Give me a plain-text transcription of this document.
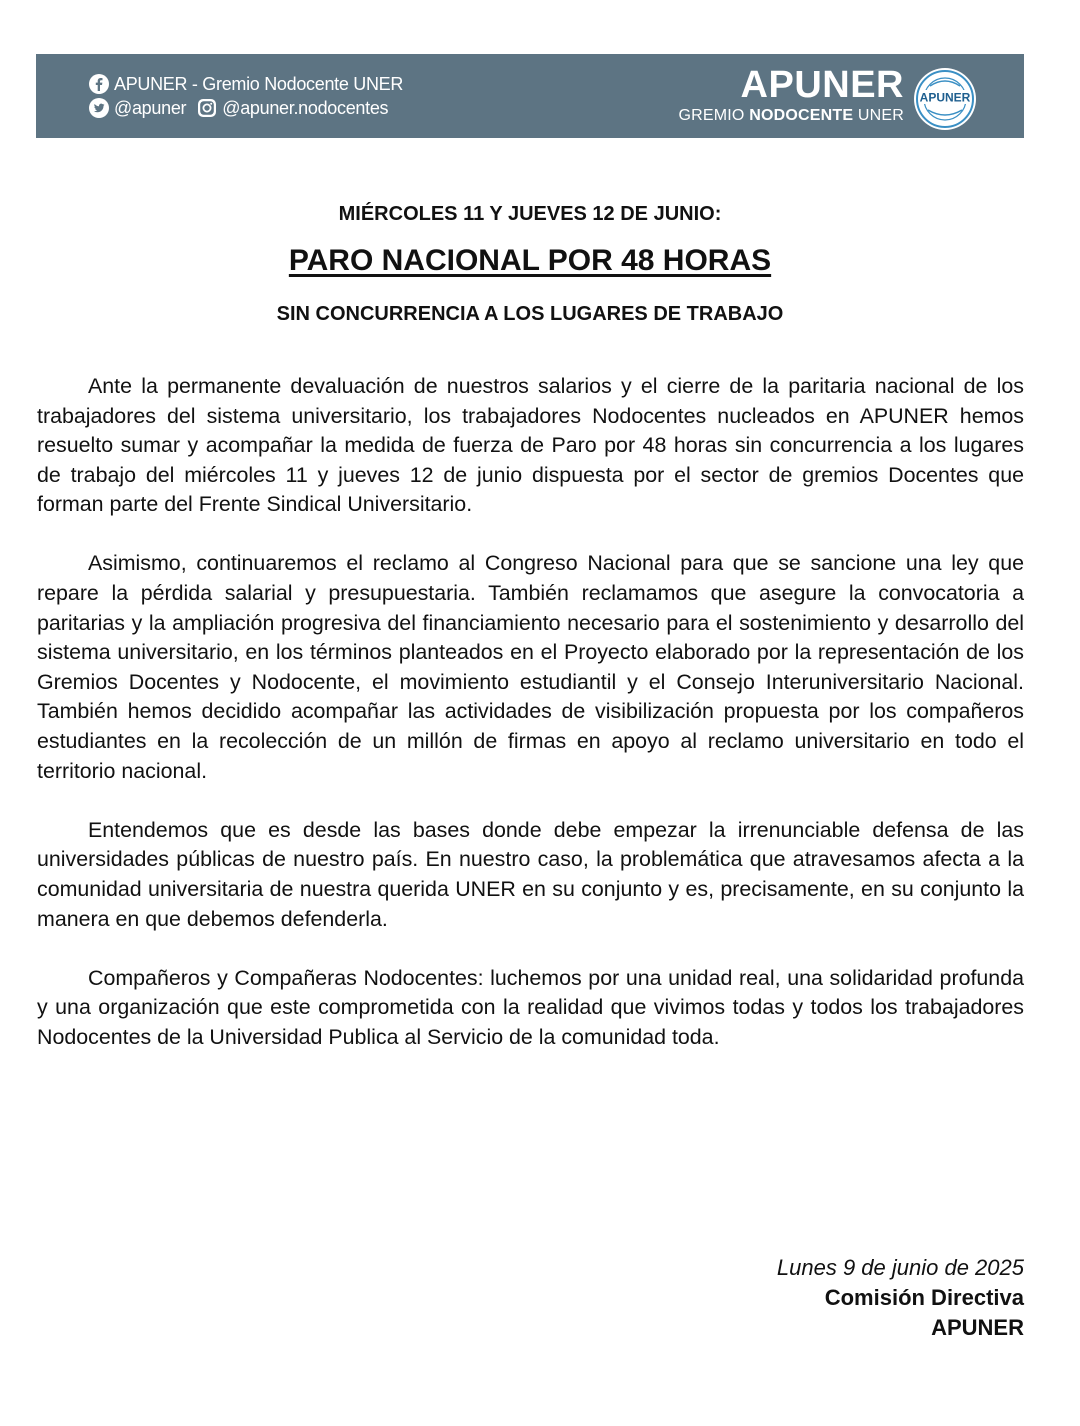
APUNER - Gremio Nodocente UNER
@apuner @apuner.nodocentes
APUNER
GREMIO NODOCENTE UNER
APUNER
MIÉRCOLES 11 Y JUEVES 12 DE JUNIO:
PARO NACIONAL POR 48 HORAS
SIN CONCURRENCIA A LOS LUGARES DE TRABAJO

Ante la permanente devaluación de nuestros salarios y el cierre de la paritaria nacional de los trabajadores del sistema universitario, los trabajadores Nodocentes nucleados en APUNER hemos resuelto sumar y acompañar la medida de fuerza de Paro por 48 horas sin concurrencia a los lugares de trabajo del miércoles 11 y jueves 12 de junio dispuesta por el sector de gremios Docentes que forman parte del Frente Sindical Universitario.

Asimismo, continuaremos el reclamo al Congreso Nacional para que se sancione una ley que repare la pérdida salarial y presupuestaria. También reclamamos que asegure la convocatoria a paritarias y la ampliación progresiva del financiamiento necesario para el sostenimiento y desarrollo del sistema universitario, en los términos planteados en el Proyecto elaborado por la representación de los Gremios Docentes y Nodocente, el movimiento estudiantil y el Consejo Interuniversitario Nacional. También hemos decidido acompañar las actividades de visibilización propuesta por los compañeros estudiantes en la recolección de un millón de firmas en apoyo al reclamo universitario en todo el territorio nacional.

Entendemos que es desde las bases donde debe empezar la irrenunciable defensa de las universidades públicas de nuestro país. En nuestro caso, la problemática que atravesamos afecta a la comunidad universitaria de nuestra querida UNER en su conjunto y es, precisamente, en su conjunto la manera en que debemos defenderla.

Compañeros y Compañeras Nodocentes: luchemos por una unidad real, una solidaridad profunda y una organización que este comprometida con la realidad que vivimos todas y todos los trabajadores Nodocentes de la Universidad Publica al Servicio de la comunidad toda.

Lunes 9 de junio de 2025
Comisión Directiva
APUNER
